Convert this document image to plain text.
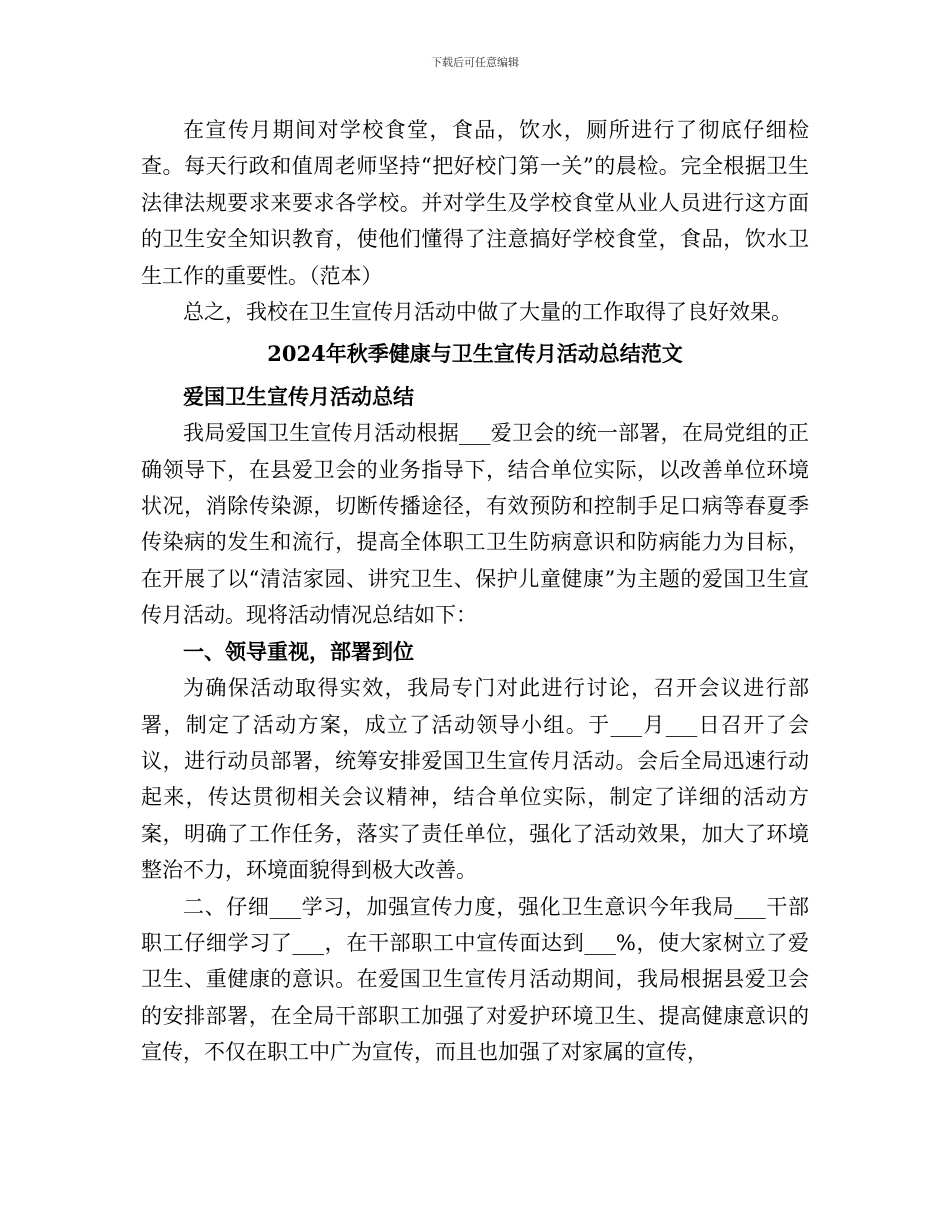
下载后可任意编辑

在宣传月期间对学校食堂，食品，饮水，厕所进行了彻底仔细检查。每天行政和值周老师坚持“把好校门第一关”的晨检。完全根据卫生法律法规要求来要求各学校。并对学生及学校食堂从业人员进行这方面的卫生安全知识教育，使他们懂得了注意搞好学校食堂，食品，饮水卫生工作的重要性。（范本）

总之，我校在卫生宣传月活动中做了大量的工作取得了良好效果。

2024年秋季健康与卫生宣传月活动总结范文

爱国卫生宣传月活动总结

我局爱国卫生宣传月活动根据___爱卫会的统一部署，在局党组的正确领导下，在县爱卫会的业务指导下，结合单位实际，以改善单位环境状况，消除传染源，切断传播途径，有效预防和控制手足口病等春夏季传染病的发生和流行，提高全体职工卫生防病意识和防病能力为目标，在开展了以“清洁家园、讲究卫生、保护儿童健康”为主题的爱国卫生宣传月活动。现将活动情况总结如下：

一、领导重视，部署到位

为确保活动取得实效，我局专门对此进行讨论，召开会议进行部署，制定了活动方案，成立了活动领导小组。于___月___日召开了会议，进行动员部署，统筹安排爱国卫生宣传月活动。会后全局迅速行动起来，传达贯彻相关会议精神，结合单位实际，制定了详细的活动方案，明确了工作任务，落实了责任单位，强化了活动效果，加大了环境整治不力，环境面貌得到极大改善。

二、仔细___学习，加强宣传力度，强化卫生意识今年我局___干部职工仔细学习了___，在干部职工中宣传面达到___%，使大家树立了爱卫生、重健康的意识。在爱国卫生宣传月活动期间，我局根据县爱卫会的安排部署，在全局干部职工加强了对爱护环境卫生、提高健康意识的宣传，不仅在职工中广为宣传，而且也加强了对家属的宣传，
